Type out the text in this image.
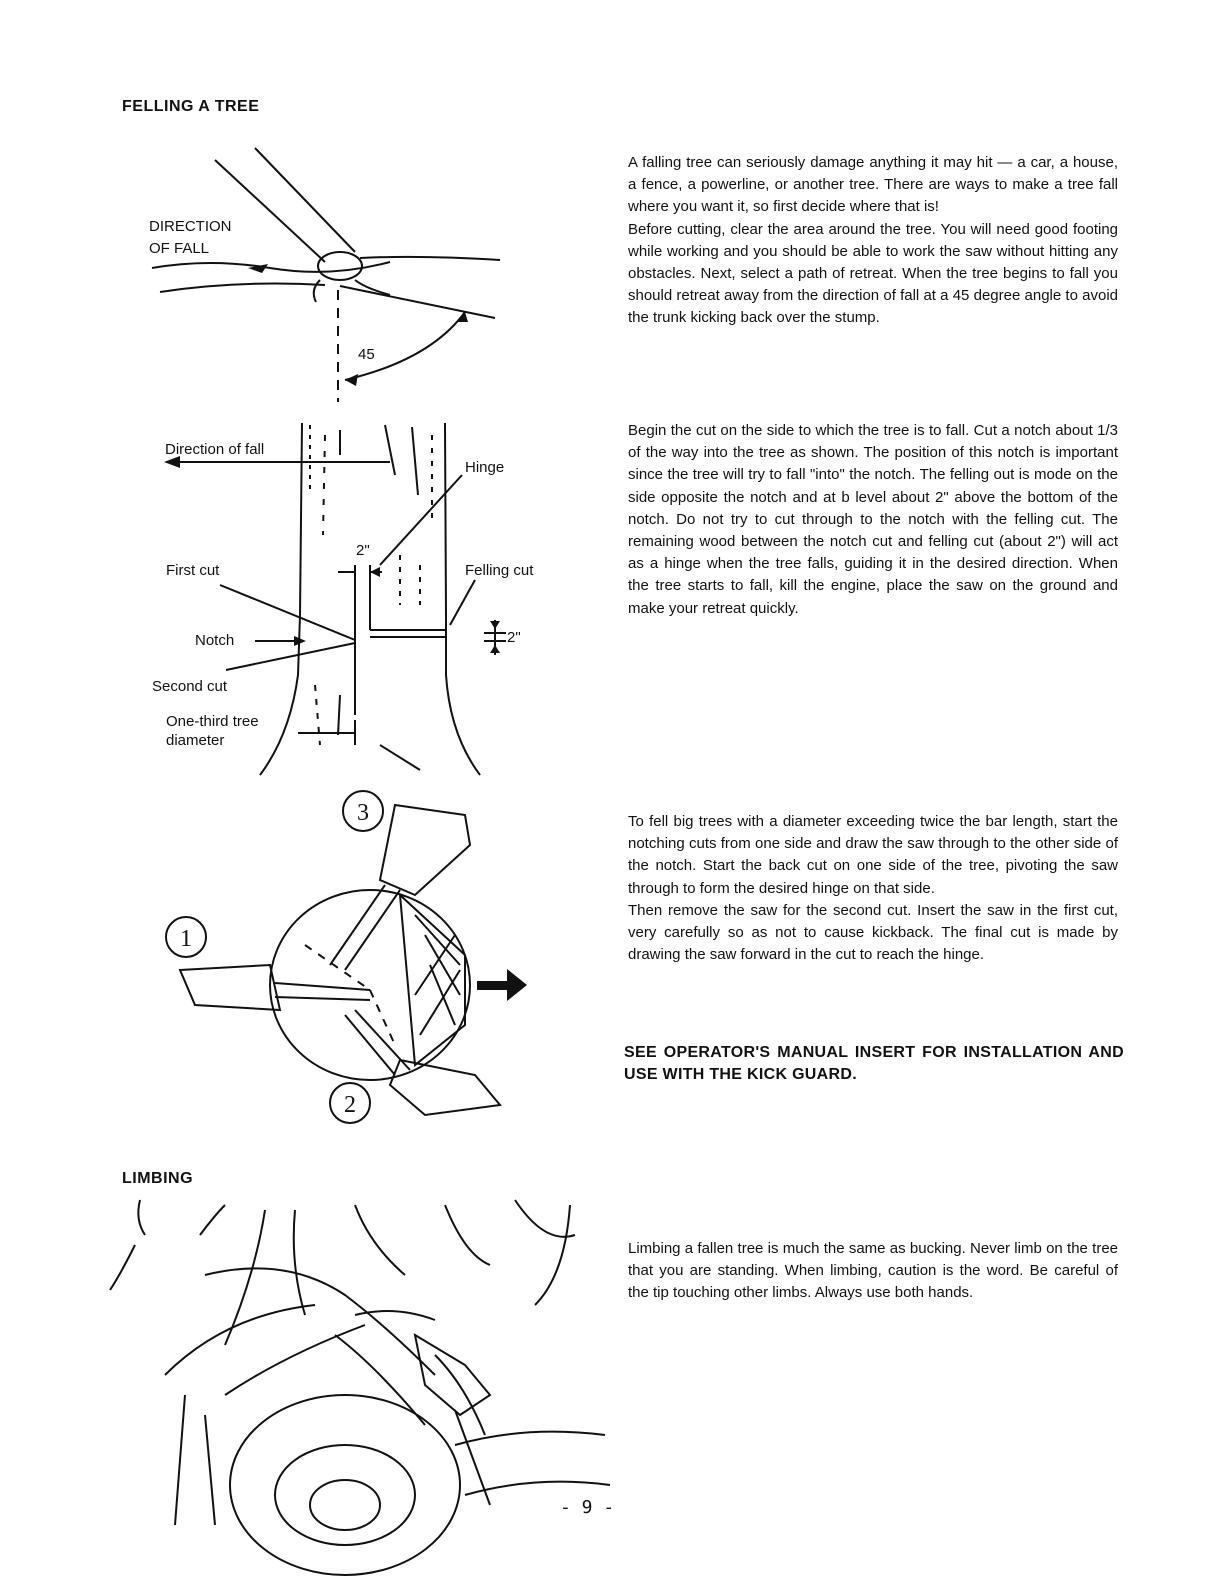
FELLING A TREE
LIMBING

A falling tree can seriously damage anything it may hit — a car, a house, a fence, a powerline, or another tree. There are ways to make a tree fall where you want it, so first decide where that is!

Before cutting, clear the area around the tree. You will need good footing while working and you should be able to work the saw without hitting any obstacles. Next, select a path of retreat. When the tree begins to fall you should retreat away from the direction of fall at a 45 degree angle to avoid the trunk kicking back over the stump.

Begin the cut on the side to which the tree is to fall. Cut a notch about 1/3 of the way into the tree as shown. The position of this notch is important since the tree will try to fall "into" the notch. The felling out is mode on the side opposite the notch and at b level about 2" above the bottom of the notch. Do not try to cut through to the notch with the felling cut. The remaining wood between the notch cut and felling cut (about 2") will act as a hinge when the tree falls, guiding it in the desired direction. When the tree starts to fall, kill the engine, place the saw on the ground and make your retreat quickly.

To fell big trees with a diameter exceeding twice the bar length, start the notching cuts from one side and draw the saw through to the other side of the notch. Start the back cut on one side of the tree, pivoting the saw through to form the desired hinge on that side.

Then remove the saw for the second cut. Insert the saw in the first cut, very carefully so as not to cause kickback. The final cut is made by drawing the saw forward in the cut to reach the hinge.

SEE OPERATOR'S MANUAL INSERT FOR INSTALLATION AND USE WITH THE KICK GUARD.

Limbing a fallen tree is much the same as bucking. Never limb on the tree that you are standing. When limbing, caution is the word. Be careful of the tip touching other limbs. Always use both hands.

DIRECTION
OF FALL
45
Direction of fall
Hinge
2"
First cut	Felling cut
Notch	2"
Second cut
One-third tree
diameter
3
1
2
- 9 -
